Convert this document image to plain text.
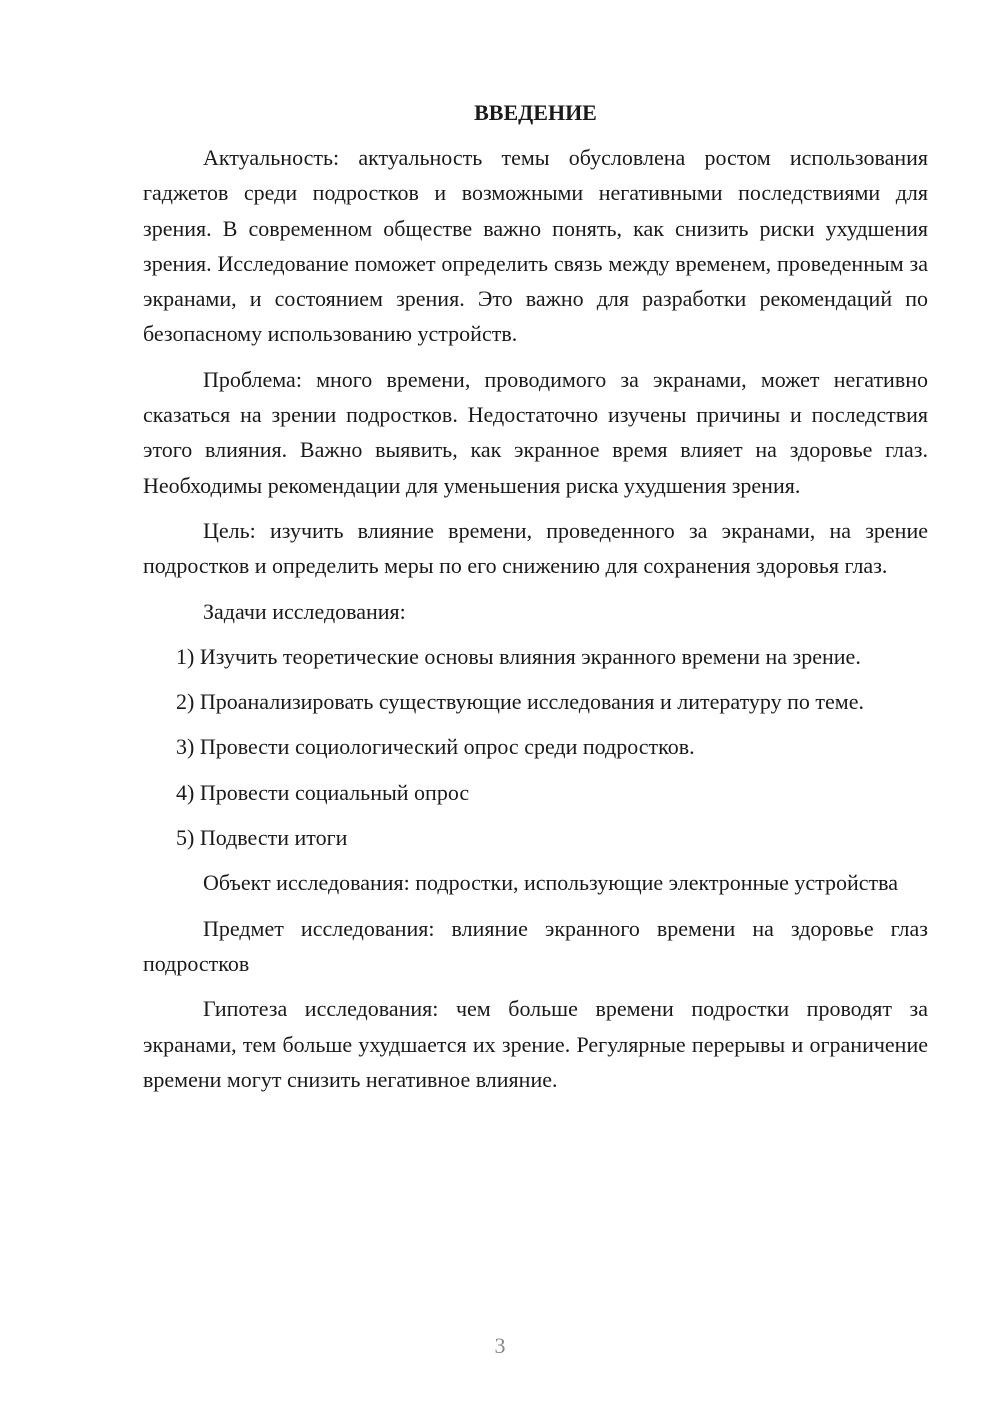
ВВЕДЕНИЕ

Актуальность: актуальность темы обусловлена ростом использования гаджетов среди подростков и возможными негативными последствиями для зрения. В современном обществе важно понять, как снизить риски ухудшения зрения. Исследование поможет определить связь между временем, проведенным за экранами, и состоянием зрения. Это важно для разработки рекомендаций по безопасному использованию устройств.

Проблема: много времени, проводимого за экранами, может негативно сказаться на зрении подростков. Недостаточно изучены причины и последствия этого влияния. Важно выявить, как экранное время влияет на здоровье глаз. Необходимы рекомендации для уменьшения риска ухудшения зрения.

Цель: изучить влияние времени, проведенного за экранами, на зрение подростков и определить меры по его снижению для сохранения здоровья глаз.

Задачи исследования:

1) Изучить теоретические основы влияния экранного времени на зрение.

2) Проанализировать существующие исследования и литературу по теме.

3) Провести социологический опрос среди подростков.

4) Провести социальный опрос

5) Подвести итоги

Объект исследования: подростки, использующие электронные устройства

Предмет исследования: влияние экранного времени на здоровье глаз подростков

Гипотеза исследования: чем больше времени подростки проводят за экранами, тем больше ухудшается их зрение. Регулярные перерывы и ограничение времени могут снизить негативное влияние.

3
